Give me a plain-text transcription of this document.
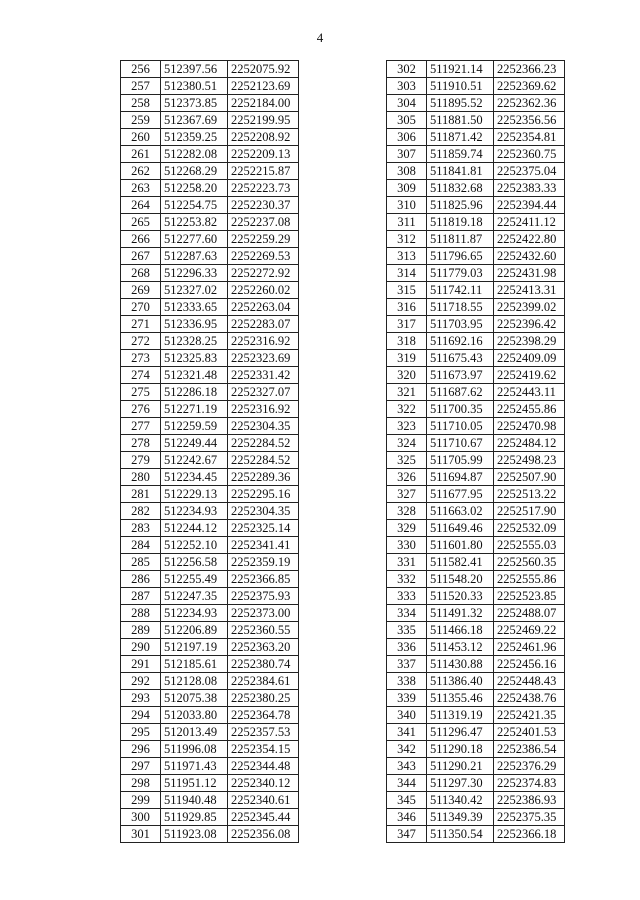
4
256	512397.56	2252075.92
257	512380.51	2252123.69
258	512373.85	2252184.00
259	512367.69	2252199.95
260	512359.25	2252208.92
261	512282.08	2252209.13
262	512268.29	2252215.87
263	512258.20	2252223.73
264	512254.75	2252230.37
265	512253.82	2252237.08
266	512277.60	2252259.29
267	512287.63	2252269.53
268	512296.33	2252272.92
269	512327.02	2252260.02
270	512333.65	2252263.04
271	512336.95	2252283.07
272	512328.25	2252316.92
273	512325.83	2252323.69
274	512321.48	2252331.42
275	512286.18	2252327.07
276	512271.19	2252316.92
277	512259.59	2252304.35
278	512249.44	2252284.52
279	512242.67	2252284.52
280	512234.45	2252289.36
281	512229.13	2252295.16
282	512234.93	2252304.35
283	512244.12	2252325.14
284	512252.10	2252341.41
285	512256.58	2252359.19
286	512255.49	2252366.85
287	512247.35	2252375.93
288	512234.93	2252373.00
289	512206.89	2252360.55
290	512197.19	2252363.20
291	512185.61	2252380.74
292	512128.08	2252384.61
293	512075.38	2252380.25
294	512033.80	2252364.78
295	512013.49	2252357.53
296	511996.08	2252354.15
297	511971.43	2252344.48
298	511951.12	2252340.12
299	511940.48	2252340.61
300	511929.85	2252345.44
301	511923.08	2252356.08
302	511921.14	2252366.23
303	511910.51	2252369.62
304	511895.52	2252362.36
305	511881.50	2252356.56
306	511871.42	2252354.81
307	511859.74	2252360.75
308	511841.81	2252375.04
309	511832.68	2252383.33
310	511825.96	2252394.44
311	511819.18	2252411.12
312	511811.87	2252422.80
313	511796.65	2252432.60
314	511779.03	2252431.98
315	511742.11	2252413.31
316	511718.55	2252399.02
317	511703.95	2252396.42
318	511692.16	2252398.29
319	511675.43	2252409.09
320	511673.97	2252419.62
321	511687.62	2252443.11
322	511700.35	2252455.86
323	511710.05	2252470.98
324	511710.67	2252484.12
325	511705.99	2252498.23
326	511694.87	2252507.90
327	511677.95	2252513.22
328	511663.02	2252517.90
329	511649.46	2252532.09
330	511601.80	2252555.03
331	511582.41	2252560.35
332	511548.20	2252555.86
333	511520.33	2252523.85
334	511491.32	2252488.07
335	511466.18	2252469.22
336	511453.12	2252461.96
337	511430.88	2252456.16
338	511386.40	2252448.43
339	511355.46	2252438.76
340	511319.19	2252421.35
341	511296.47	2252401.53
342	511290.18	2252386.54
343	511290.21	2252376.29
344	511297.30	2252374.83
345	511340.42	2252386.93
346	511349.39	2252375.35
347	511350.54	2252366.18
